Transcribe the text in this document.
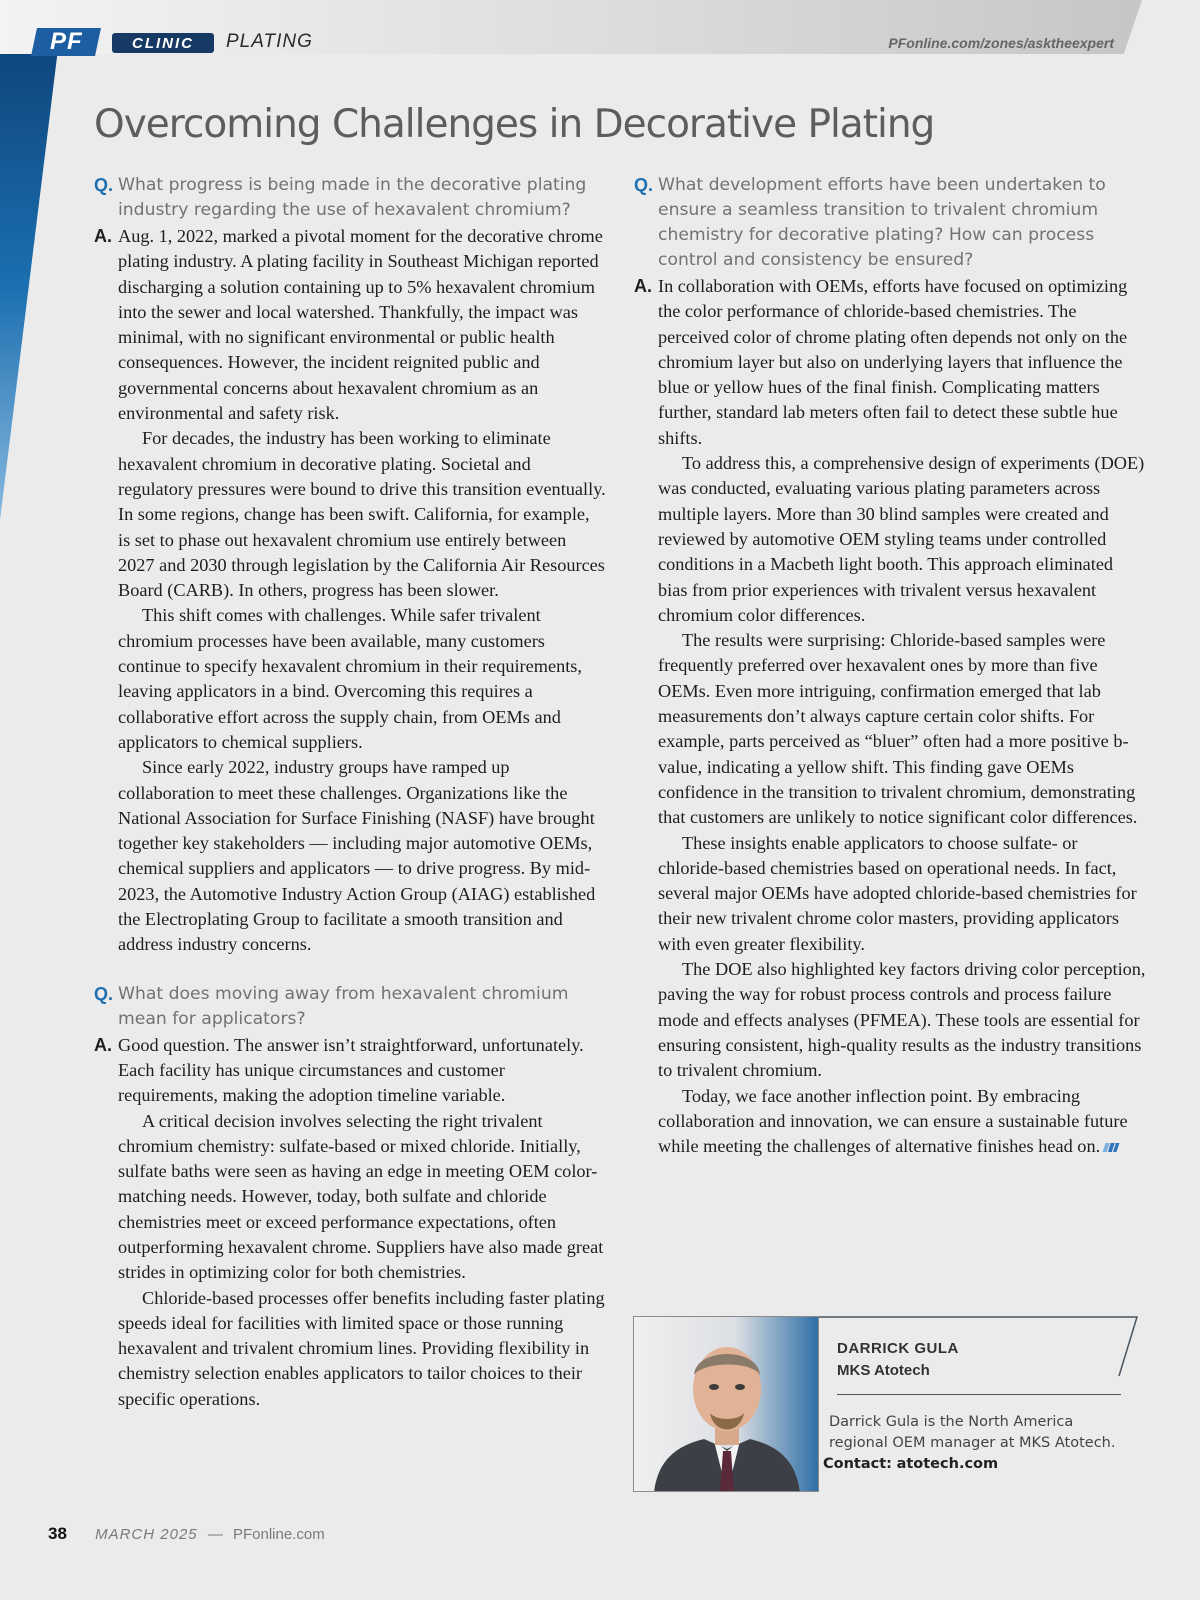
PF	CLINIC	PLATING	PFonline.com/zones/asktheexpert
Overcoming Challenges in Decorative Plating
Q. What progress is being made in the decorative plating industry regarding the use of hexavalent chromium?
A. Aug. 1, 2022, marked a pivotal moment for the decorative chrome plating industry. A plating facility in Southeast Michigan reported discharging a solution containing up to 5% hexavalent chromium into the sewer and local watershed. Thankfully, the impact was minimal, with no significant environmental or public health consequences. However, the incident reignited public and governmental concerns about hexavalent chromium as an environmental and safety risk.

For decades, the industry has been working to eliminate hexavalent chromium in decorative plating. Societal and regulatory pressures were bound to drive this transition eventually. In some regions, change has been swift. California, for example, is set to phase out hexavalent chromium use entirely between 2027 and 2030 through legislation by the California Air Resources Board (CARB). In others, progress has been slower.

This shift comes with challenges. While safer trivalent chromium processes have been available, many customers continue to specify hexavalent chromium in their requirements, leaving applicators in a bind. Overcoming this requires a collaborative effort across the supply chain, from OEMs and applicators to chemical suppliers.

Since early 2022, industry groups have ramped up collaboration to meet these challenges. Organizations like the National Association for Surface Finishing (NASF) have brought together key stakeholders — including major automotive OEMs, chemical suppliers and applicators — to drive progress. By mid-2023, the Automotive Industry Action Group (AIAG) established the Electroplating Group to facilitate a smooth transition and address industry concerns.

Q. What does moving away from hexavalent chromium mean for applicators?
A. Good question. The answer isn’t straightforward, unfortunately. Each facility has unique circumstances and customer requirements, making the adoption timeline variable.

A critical decision involves selecting the right trivalent chromium chemistry: sulfate-based or mixed chloride. Initially, sulfate baths were seen as having an edge in meeting OEM color-matching needs. However, today, both sulfate and chloride chemistries meet or exceed performance expectations, often outperforming hexavalent chrome. Suppliers have also made great strides in optimizing color for both chemistries.

Chloride-based processes offer benefits including faster plating speeds ideal for facilities with limited space or those running hexavalent and trivalent chromium lines. Providing flexibility in chemistry selection enables applicators to tailor choices to their specific operations.

Q. What development efforts have been undertaken to ensure a seamless transition to trivalent chromium chemistry for decorative plating? How can process control and consistency be ensured?
A. In collaboration with OEMs, efforts have focused on optimizing the color performance of chloride-based chemistries. The perceived color of chrome plating often depends not only on the chromium layer but also on underlying layers that influence the blue or yellow hues of the final finish. Complicating matters further, standard lab meters often fail to detect these subtle hue shifts.

To address this, a comprehensive design of experiments (DOE) was conducted, evaluating various plating parameters across multiple layers. More than 30 blind samples were created and reviewed by automotive OEM styling teams under controlled conditions in a Macbeth light booth. This approach eliminated bias from prior experiences with trivalent versus hexavalent chromium color differences.

The results were surprising: Chloride-based samples were frequently preferred over hexavalent ones by more than five OEMs. Even more intriguing, confirmation emerged that lab measurements don’t always capture certain color shifts. For example, parts perceived as “bluer” often had a more positive b-value, indicating a yellow shift. This finding gave OEMs confidence in the transition to trivalent chromium, demonstrating that customers are unlikely to notice significant color differences.

These insights enable applicators to choose sulfate- or chloride-based chemistries based on operational needs. In fact, several major OEMs have adopted chloride-based chemistries for their new trivalent chrome color masters, providing applicators with even greater flexibility.

The DOE also highlighted key factors driving color perception, paving the way for robust process controls and process failure mode and effects analyses (PFMEA). These tools are essential for ensuring consistent, high-quality results as the industry transitions to trivalent chromium.

Today, we face another inflection point. By embracing collaboration and innovation, we can ensure a sustainable future while meeting the challenges of alternative finishes head on.

DARRICK GULA
MKS Atotech
Darrick Gula is the North America regional OEM manager at MKS Atotech.
Contact: atotech.com
38 MARCH 2025 — PFonline.com
